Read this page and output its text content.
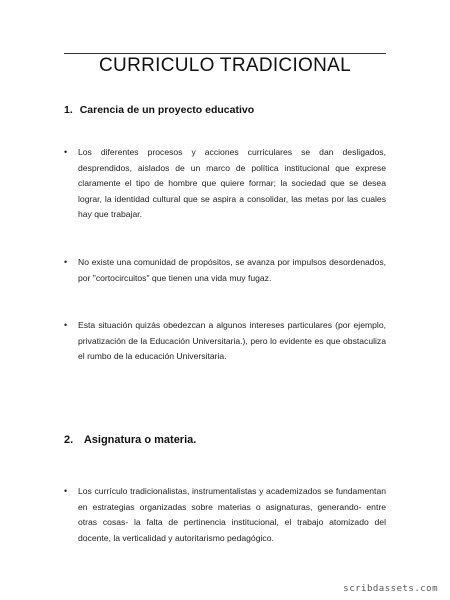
CURRICULO TRADICIONAL
1. Carencia de un proyecto educativo
• Los diferentes procesos y acciones curriculares se dan desligados, desprendidos, aislados de un marco de política institucional que exprese claramente el tipo de hombre que quiere formar; la sociedad que se desea lograr, la identidad cultural que se aspira a consolidar, las metas por las cuales hay que trabajar.
• No existe una comunidad de propósitos, se avanza por impulsos desordenados, por "cortocircuitos" que tienen una vida muy fugaz.
• Esta situación quizás obedezcan a algunos intereses particulares (por ejemplo, privatización de la Educación Universitaria.), pero lo evidente es que obstaculiza el rumbo de la educación Universitaria.
2. Asignatura o materia.
• Los currículo tradicionalistas, instrumentalistas y academizados se fundamentan en estrategias organizadas sobre materias o asignaturas, generando- entre otras cosas- la falta de pertinencia institucional, el trabajo atomizado del docente, la verticalidad y autoritarismo pedagógico.
scribdassets.com
